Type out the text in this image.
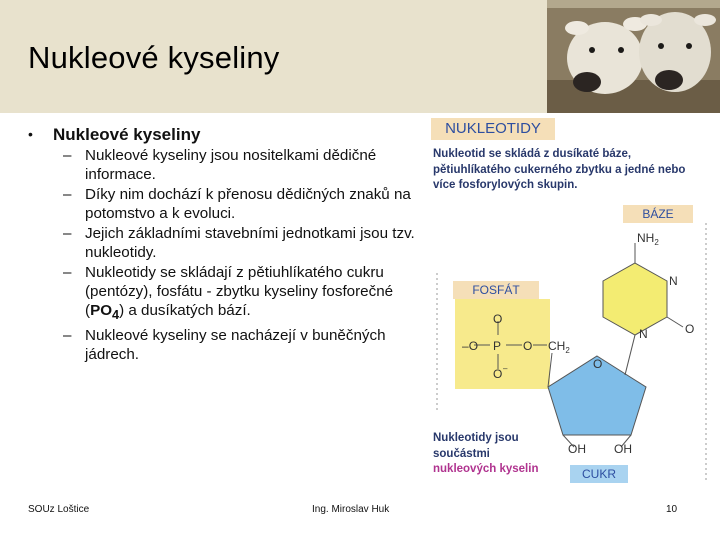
Nukleové kyseliny
• Nukleové kyseliny
– Nukleové kyseliny jsou nositelkami dědičné informace.
– Díky nim dochází k přenosu dědičných znaků na potomstvo a k evoluci.
– Jejich základními stavebními jednotkami jsou tzv. nukleotidy.
– Nukleotidy se skládají z pětiuhlíkatého cukru (pentózy), fosfátu - zbytku kyseliny fosforečné $(PO_4)$ a dusíkatých bází.
– Nukleové kyseliny se nacházejí v buněčných jádrech.
NUKLEOTIDY
Nukleotid se skládá z dusíkaté báze, pětiuhlíkatého cukerného zbytku a jedné nebo více fosforylových skupin.
$NH_2$
N
N	O
O
O
P
–O	O
O –
$CH_2$
OH OH
BÁZE
FOSFÁT
CUKR
Nukleotidy jsou součástmi nukleových kyselin
SOUz Loštice	Ing. Miroslav Huk	10
